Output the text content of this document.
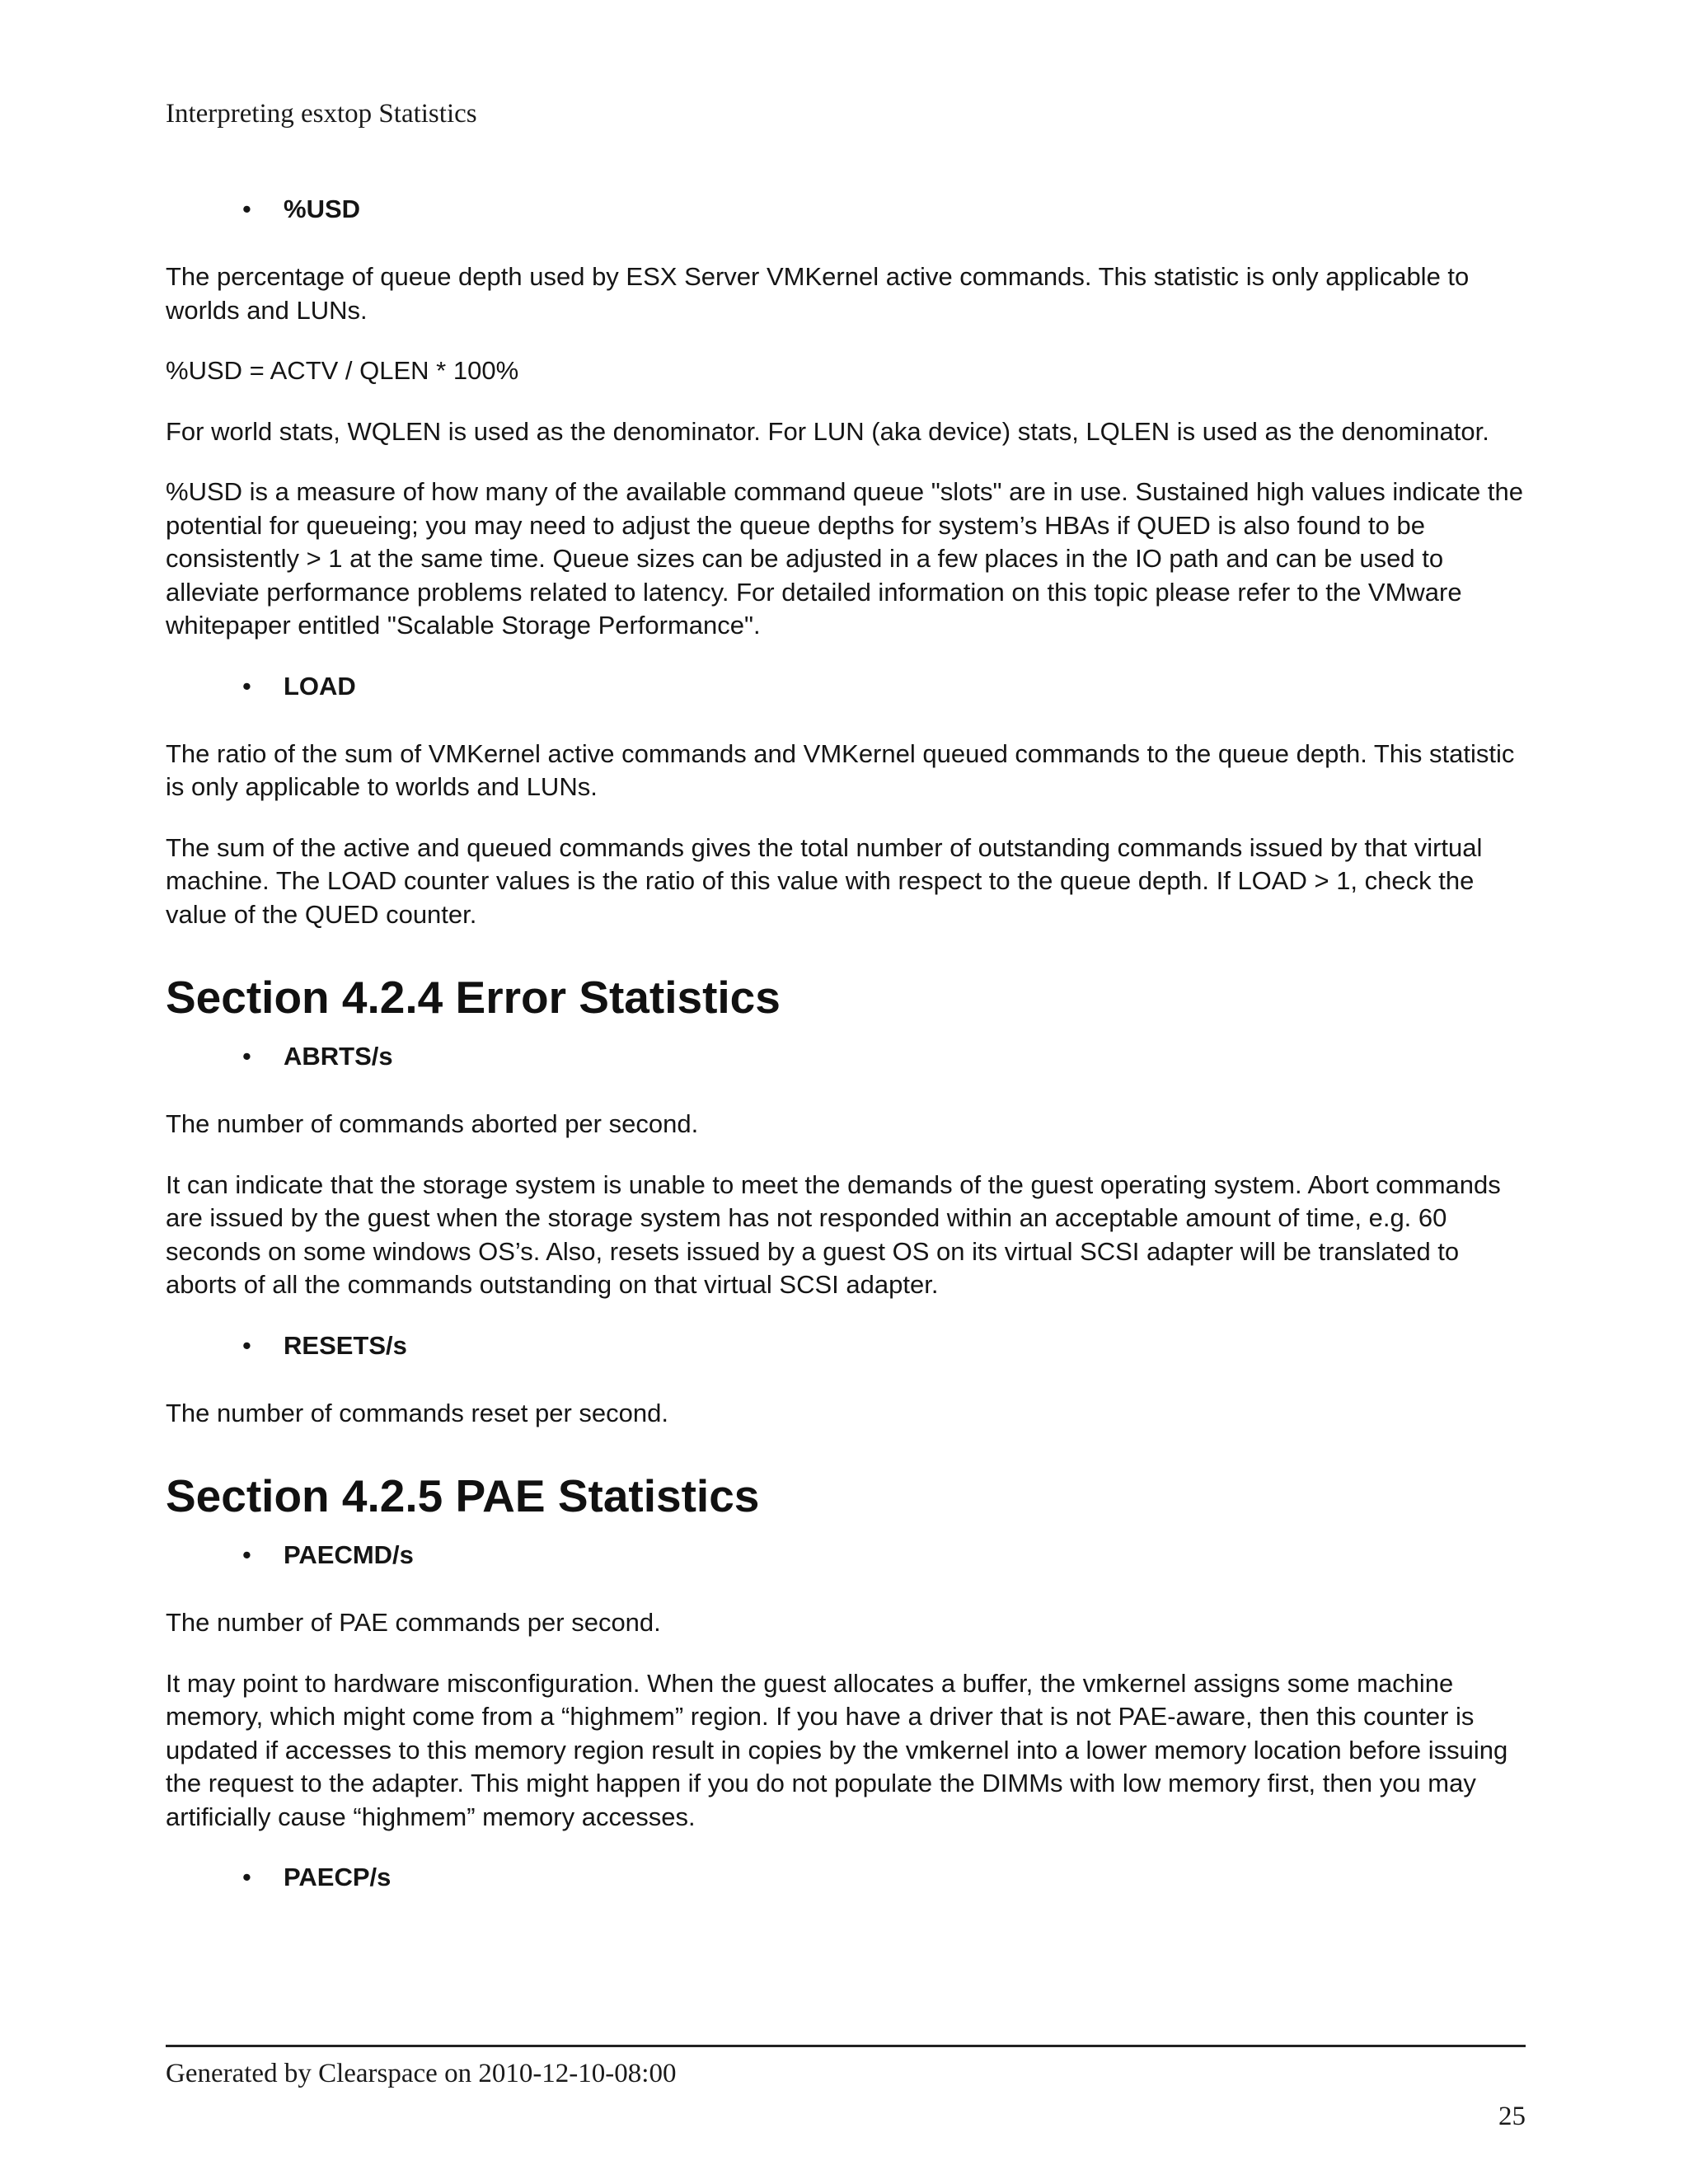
Interpreting esxtop Statistics
• %USD

The percentage of queue depth used by ESX Server VMKernel active commands. This statistic is only applicable to worlds and LUNs.

%USD = ACTV / QLEN * 100%

For world stats, WQLEN is used as the denominator. For LUN (aka device) stats, LQLEN is used as the denominator.

%USD is a measure of how many of the available command queue "slots" are in use. Sustained high values indicate the potential for queueing; you may need to adjust the queue depths for system’s HBAs if QUED is also found to be consistently > 1 at the same time. Queue sizes can be adjusted in a few places in the IO path and can be used to alleviate performance problems related to latency. For detailed information on this topic please refer to the VMware whitepaper entitled "Scalable Storage Performance".

• LOAD

The ratio of the sum of VMKernel active commands and VMKernel queued commands to the queue depth. This statistic is only applicable to worlds and LUNs.

The sum of the active and queued commands gives the total number of outstanding commands issued by that virtual machine. The LOAD counter values is the ratio of this value with respect to the queue depth. If LOAD > 1, check the value of the QUED counter.

Section 4.2.4 Error Statistics
• ABRTS/s

The number of commands aborted per second.

It can indicate that the storage system is unable to meet the demands of the guest operating system. Abort commands are issued by the guest when the storage system has not responded within an acceptable amount of time, e.g. 60 seconds on some windows OS’s. Also, resets issued by a guest OS on its virtual SCSI adapter will be translated to aborts of all the commands outstanding on that virtual SCSI adapter.

• RESETS/s

The number of commands reset per second.

Section 4.2.5 PAE Statistics
• PAECMD/s

The number of PAE commands per second.

It may point to hardware misconfiguration. When the guest allocates a buffer, the vmkernel assigns some machine memory, which might come from a “highmem” region. If you have a driver that is not PAE-aware, then this counter is updated if accesses to this memory region result in copies by the vmkernel into a lower memory location before issuing the request to the adapter. This might happen if you do not populate the DIMMs with low memory first, then you may artificially cause “highmem” memory accesses.

• PAECP/s
Generated by Clearspace on 2010-12-10-08:00
25
